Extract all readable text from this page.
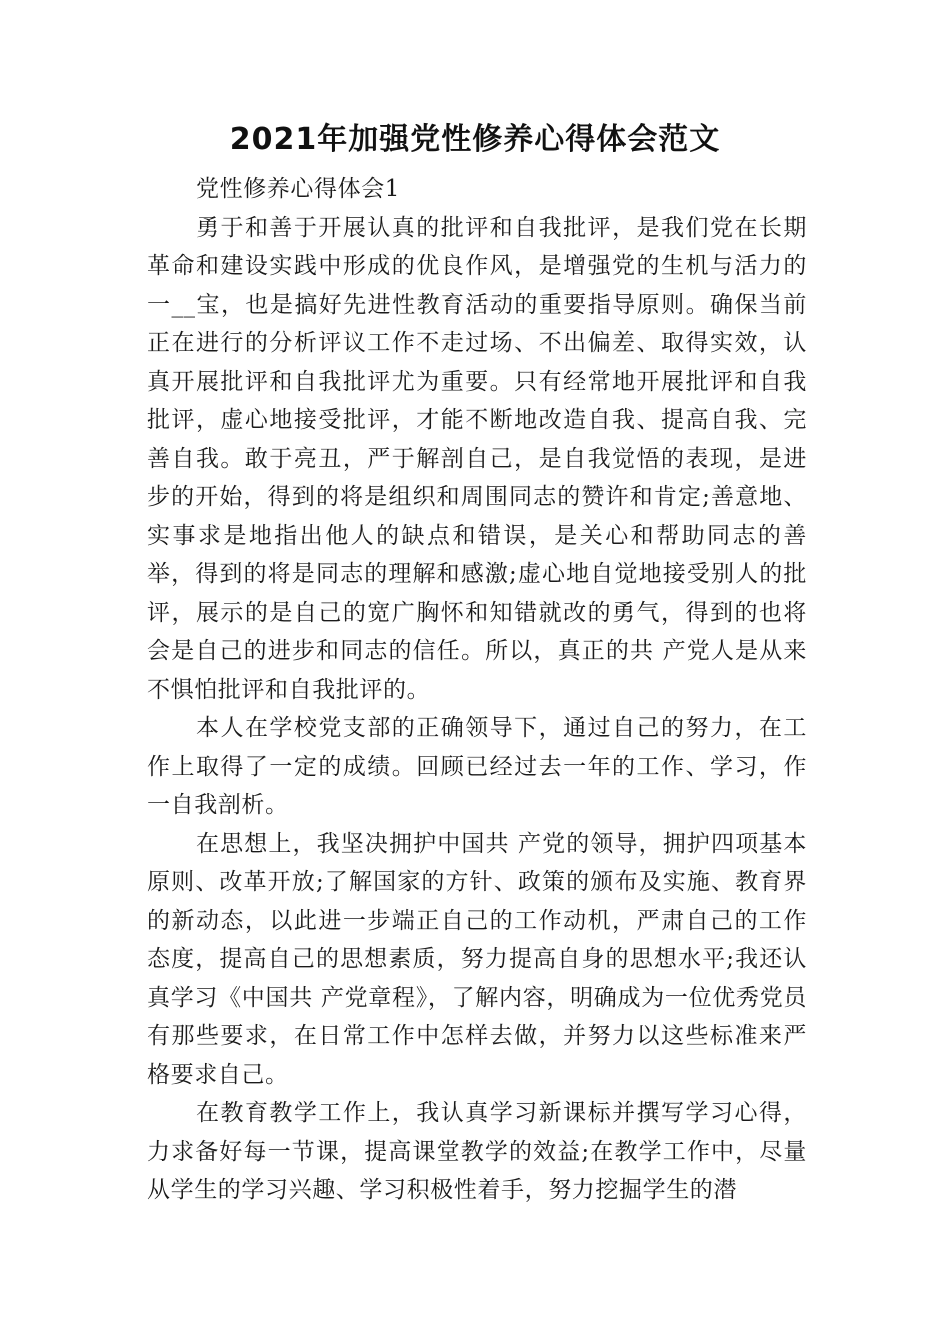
2021年加强党性修养心得体会范文

党性修养心得体会1

勇于和善于开展认真的批评和自我批评，是我们党在长期革命和建设实践中形成的优良作风，是增强党的生机与活力的一__宝，也是搞好先进性教育活动的重要指导原则。确保当前正在进行的分析评议工作不走过场、不出偏差、取得实效，认真开展批评和自我批评尤为重要。只有经常地开展批评和自我批评，虚心地接受批评，才能不断地改造自我、提高自我、完善自我。敢于亮丑，严于解剖自己，是自我觉悟的表现，是进步的开始，得到的将是组织和周围同志的赞许和肯定;善意地、实事求是地指出他人的缺点和错误，是关心和帮助同志的善举，得到的将是同志的理解和感激;虚心地自觉地接受别人的批评，展示的是自己的宽广胸怀和知错就改的勇气，得到的也将会是自己的进步和同志的信任。所以，真正的共 产党人是从来不惧怕批评和自我批评的。

本人在学校党支部的正确领导下，通过自己的努力，在工作上取得了一定的成绩。回顾已经过去一年的工作、学习，作一自我剖析。

在思想上，我坚决拥护中国共 产党的领导，拥护四项基本原则、改革开放;了解国家的方针、政策的颁布及实施、教育界的新动态，以此进一步端正自己的工作动机，严肃自己的工作态度，提高自己的思想素质，努力提高自身的思想水平;我还认真学习《中国共 产党章程》，了解内容，明确成为一位优秀党员有那些要求，在日常工作中怎样去做，并努力以这些标准来严格要求自己。

在教育教学工作上，我认真学习新课标并撰写学习心得，力求备好每一节课，提高课堂教学的效益;在教学工作中，尽量从学生的学习兴趣、学习积极性着手，努力挖掘学生的潜
